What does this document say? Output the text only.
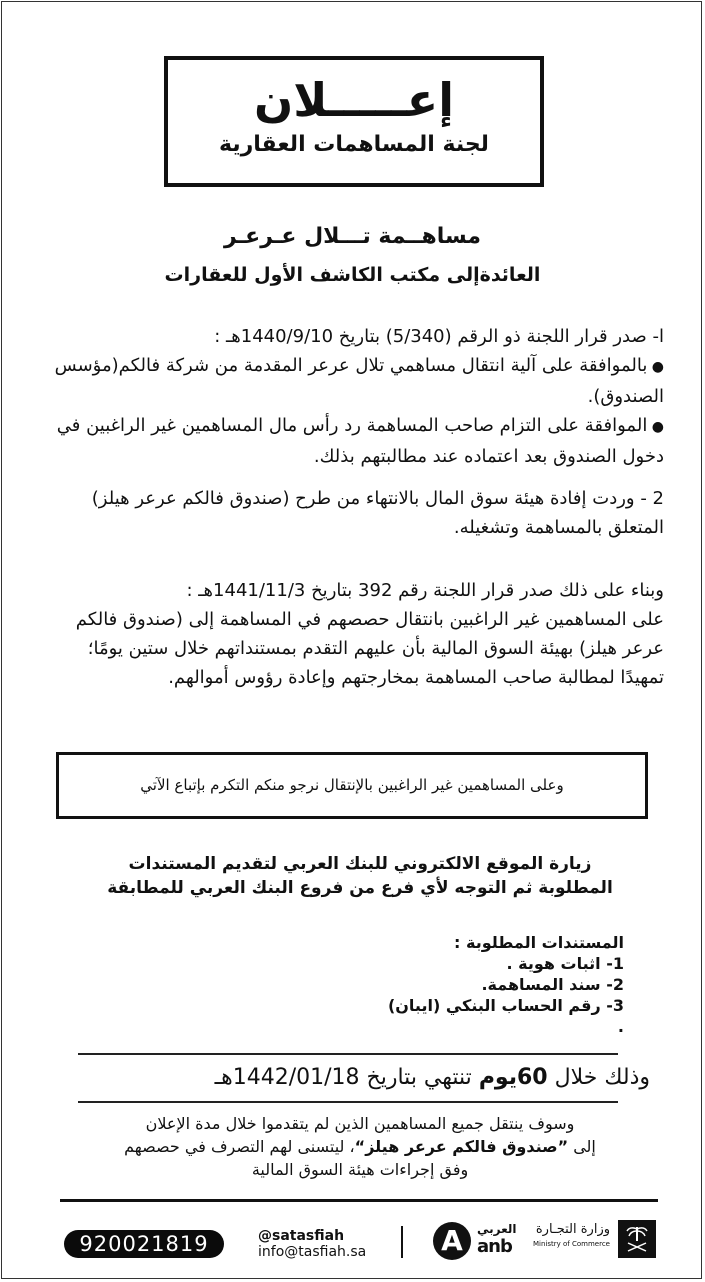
إعـــــلان
لجنة المساهمات العقارية
مساهــمة تـــلال عـرعـر
العائدةإلى مكتب الكاشف الأول للعقارات

ا- صدر قرار اللجنة ذو الرقم (5/340) بتاريخ 1440/9/10هـ :

● بالموافقة على آلية انتقال مساهمي تلال عرعر المقدمة من شركة فالكم(مؤسس الصندوق).

● الموافقة على التزام صاحب المساهمة رد رأس مال المساهمين غير الراغبين في دخول الصندوق بعد اعتماده عند مطالبتهم بذلك.

2 - وردت إفادة هيئة سوق المال بالانتهاء من طرح (صندوق فالكم عرعر هيلز) المتعلق بالمساهمة وتشغيله.

وبناء على ذلك صدر قرار اللجنة رقم 392 بتاريخ 1441/11/3هـ :

على المساهمين غير الراغبين بانتقال حصصهم في المساهمة إلى (صندوق فالكم عرعر هيلز) بهيئة السوق المالية بأن عليهم التقدم بمستنداتهم خلال ستين يومًا؛ تمهيدًا لمطالبة صاحب المساهمة بمخارجتهم وإعادة رؤوس أموالهم.

وعلى المساهمين غير الراغبين بالإنتقال نرجو منكم التكرم بإتباع الآتي
زيارة الموقع الالكتروني للبنك العربي لتقديم المستندات
المطلوبة ثم التوجه لأي فرع من فروع البنك العربي للمطابقة
المستندات المطلوبة :
1- اثبات هوية .
2- سند المساهمة.
3- رقم الحساب البنكي (ايبان) .
وذلك خلال 60يوم تنتهي بتاريخ 1442/01/18هـ
وسوف ينتقل جميع المساهمين الذين لم يتقدموا خلال مدة الإعلان
إلى ”صندوق فالكم عرعر هيلز“، ليتسنى لهم التصرف في حصصهم
وفق إجراءات هيئة السوق المالية
920021819	@satasfiah
info@tasfiah.sa	A	العربي
anb
وزارة التجـارة
Ministry of Commerce
